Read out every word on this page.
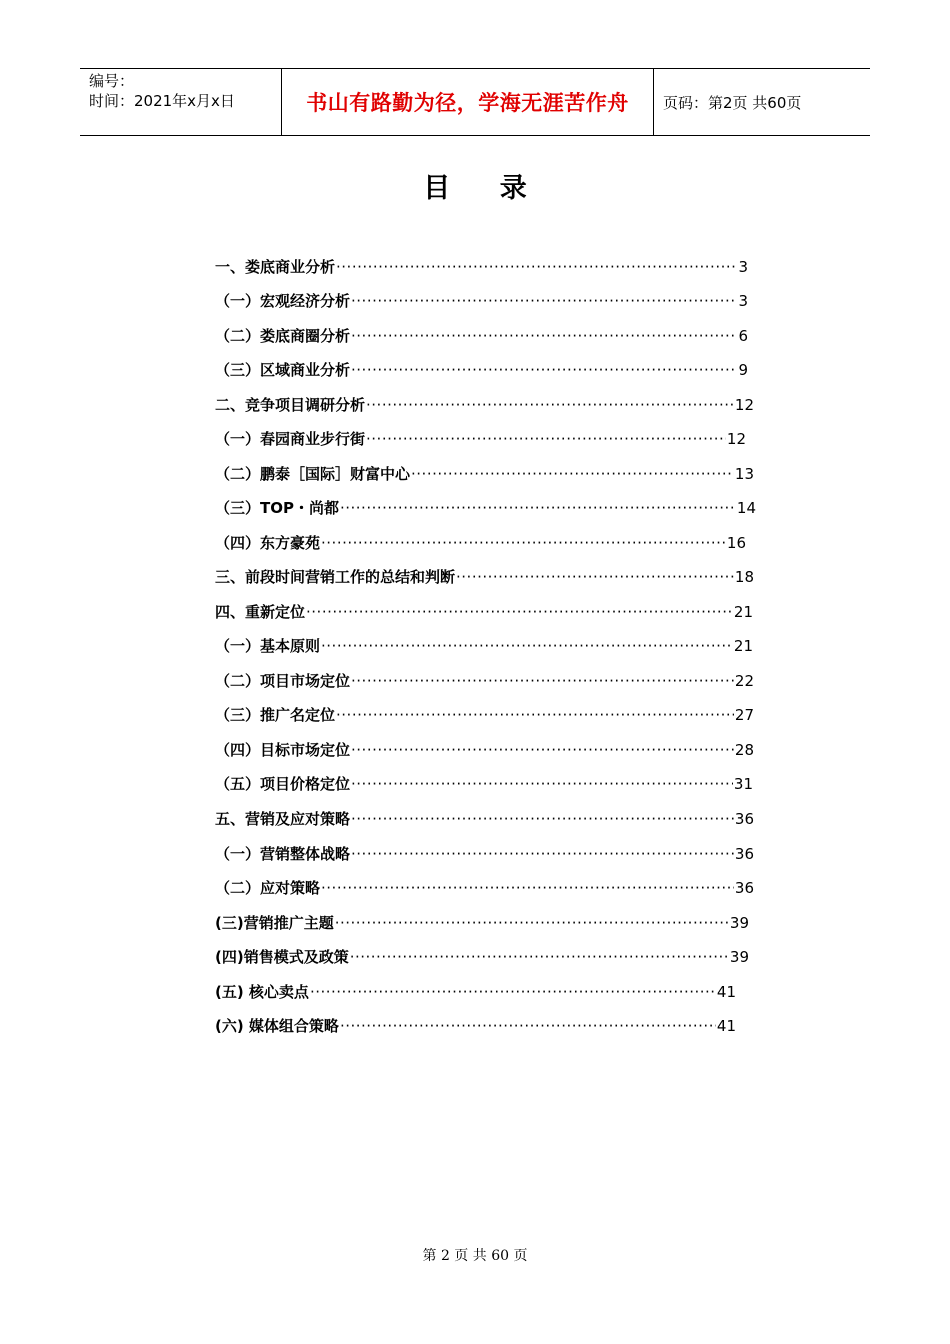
编号：
时间：2021年x月x日	书山有路勤为径，学海无涯苦作舟 页码：第2页 共60页
目 录
一、娄底商业分析 ·····	3
（一）宏观经济分析 ·····	3
（二）娄底商圈分析 ·····	6
（三）区域商业分析 ·····	9
二、竞争项目调研分析 ·····	12
（一）春园商业步行街 ·····	12
（二）鹏泰［国际］财富中心 ·····	13
（三）TOP・尚都 ·····	14
（四）东方豪苑 ·····	16
三、前段时间营销工作的总结和判断 ·····	18
四、重新定位 ·····	21
（一）基本原则 ·····	21
（二）项目市场定位 ·····	22
（三）推广名定位 ·····	27
（四）目标市场定位 ·····	28
（五）项目价格定位 ·····	31
五、营销及应对策略 ·····	36
（一）营销整体战略 ·····	36
（二）应对策略 ·····	36
(三)营销推广主题 ·····	39
(四)销售模式及政策 ·····	39
(五) 核心卖点 ·····	41
(六) 媒体组合策略 ·····	41
第 2 页 共 60 页
